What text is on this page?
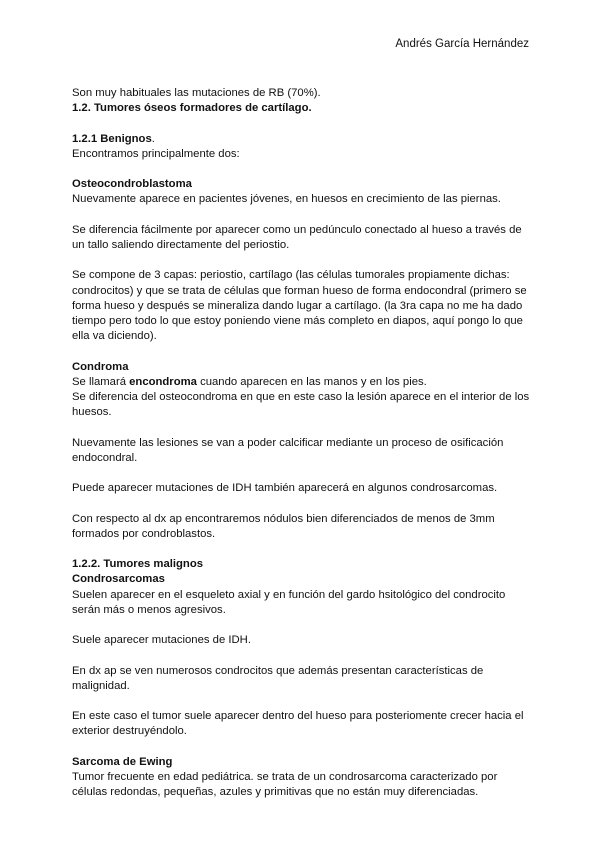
Andrés García Hernández

Son muy habituales las mutaciones de RB (70%).

1.2. Tumores óseos formadores de cartílago.

1.2.1 Benignos.

Encontramos principalmente dos:

Osteocondroblastoma

Nuevamente aparece en pacientes jóvenes, en huesos en crecimiento de las piernas.

Se diferencia fácilmente por aparecer como un pedúnculo conectado al hueso a través de un tallo saliendo directamente del periostio.

Se compone de 3 capas: periostio, cartílago (las células tumorales propiamente dichas: condrocitos) y que se trata de células que forman hueso de forma endocondral (primero se forma hueso y después se mineraliza dando lugar a cartílago. (la 3ra capa no me ha dado tiempo pero todo lo que estoy poniendo viene más completo en diapos, aquí pongo lo que ella va diciendo).

Condroma

Se llamará encondroma cuando aparecen en las manos y en los pies.

Se diferencia del osteocondroma en que en este caso la lesión aparece en el interior de los huesos.

Nuevamente las lesiones se van a poder calcificar mediante un proceso de osificación endocondral.

Puede aparecer mutaciones de IDH también aparecerá en algunos condrosarcomas.

Con respecto al dx ap encontraremos nódulos bien diferenciados de menos de 3mm formados por condroblastos.

1.2.2. Tumores malignos

Condrosarcomas

Suelen aparecer en el esqueleto axial y en función del gardo hsitológico del condrocito serán más o menos agresivos.

Suele aparecer mutaciones de IDH.

En dx ap se ven numerosos condrocitos que además presentan características de malignidad.

En este caso el tumor suele aparecer dentro del hueso para posteriomente crecer hacia el exterior destruyéndolo.

Sarcoma de Ewing

Tumor frecuente en edad pediátrica. se trata de un condrosarcoma caracterizado por células redondas, pequeñas, azules y primitivas que no están muy diferenciadas.
